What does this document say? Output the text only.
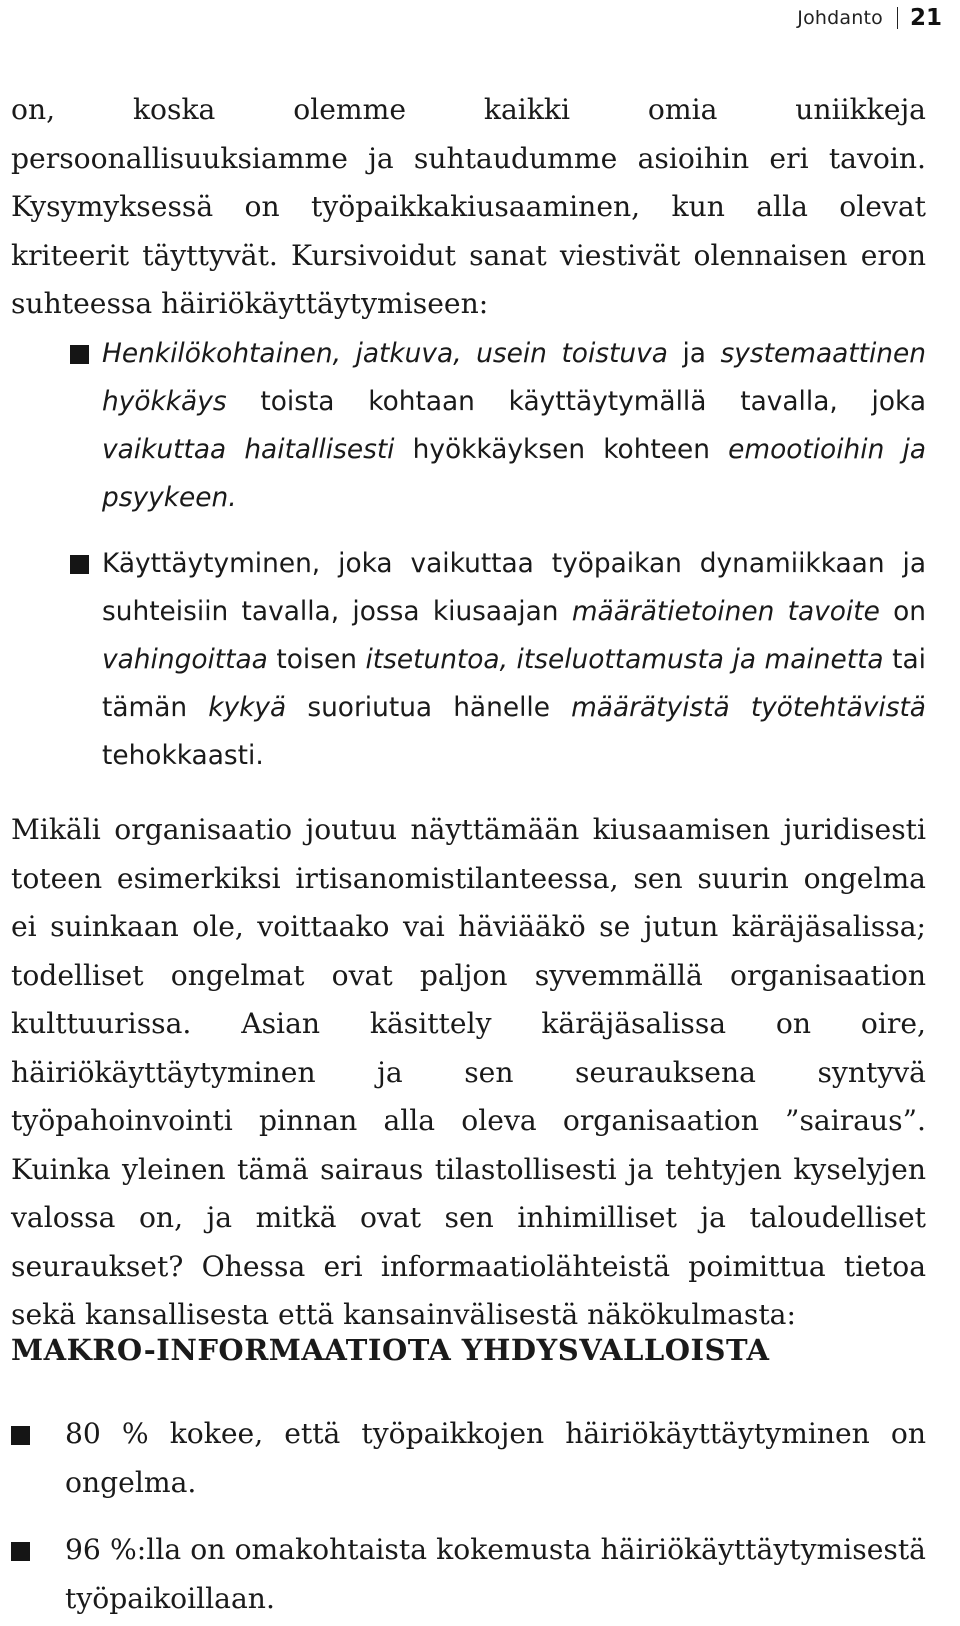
Johdanto 21

on, koska olemme kaikki omia uniikkeja persoonallisuuksiamme ja suhtaudumme asioihin eri tavoin. Kysymyksessä on työpaikkakiusaaminen, kun alla olevat kriteerit täyttyvät. Kursivoidut sanat viestivät olennaisen eron suhteessa häiriökäyttäytymiseen:

Henkilökohtainen, jatkuva, usein toistuva ja systemaattinen hyökkäys toista kohtaan käyttäytymällä tavalla, joka vaikuttaa haitallisesti hyökkäyksen kohteen emootioihin ja psyykeen.
Käyttäytyminen, joka vaikuttaa työpaikan dynamiikkaan ja suhteisiin tavalla, jossa kiusaajan määrätietoinen tavoite on vahingoittaa toisen itsetuntoa, itseluottamusta ja mainetta tai tämän kykyä suoriutua hänelle määrätyistä työtehtävistä tehokkaasti.

Mikäli organisaatio joutuu näyttämään kiusaamisen juridisesti toteen esimerkiksi irtisanomistilanteessa, sen suurin ongelma ei suinkaan ole, voittaako vai häviääkö se jutun käräjäsalissa; todelliset ongelmat ovat paljon syvemmällä organisaation kulttuurissa. Asian käsittely käräjäsalissa on oire, häiriökäyttäytyminen ja sen seurauksena syntyvä työpahoinvointi pinnan alla oleva organisaation ”sairaus”. Kuinka yleinen tämä sairaus tilastollisesti ja tehtyjen kyselyjen valossa on, ja mitkä ovat sen inhimilliset ja taloudelliset seuraukset? Ohessa eri informaatiolähteistä poimittua tietoa sekä kansallisesta että kansainvälisestä näkökulmasta:

MAKRO-INFORMAATIOTA YHDYSVALLOISTA
80 % kokee, että työpaikkojen häiriökäyttäytyminen on ongelma.
96 %:lla on omakohtaista kokemusta häiriökäyttäytymisestä työpaikoillaan.
